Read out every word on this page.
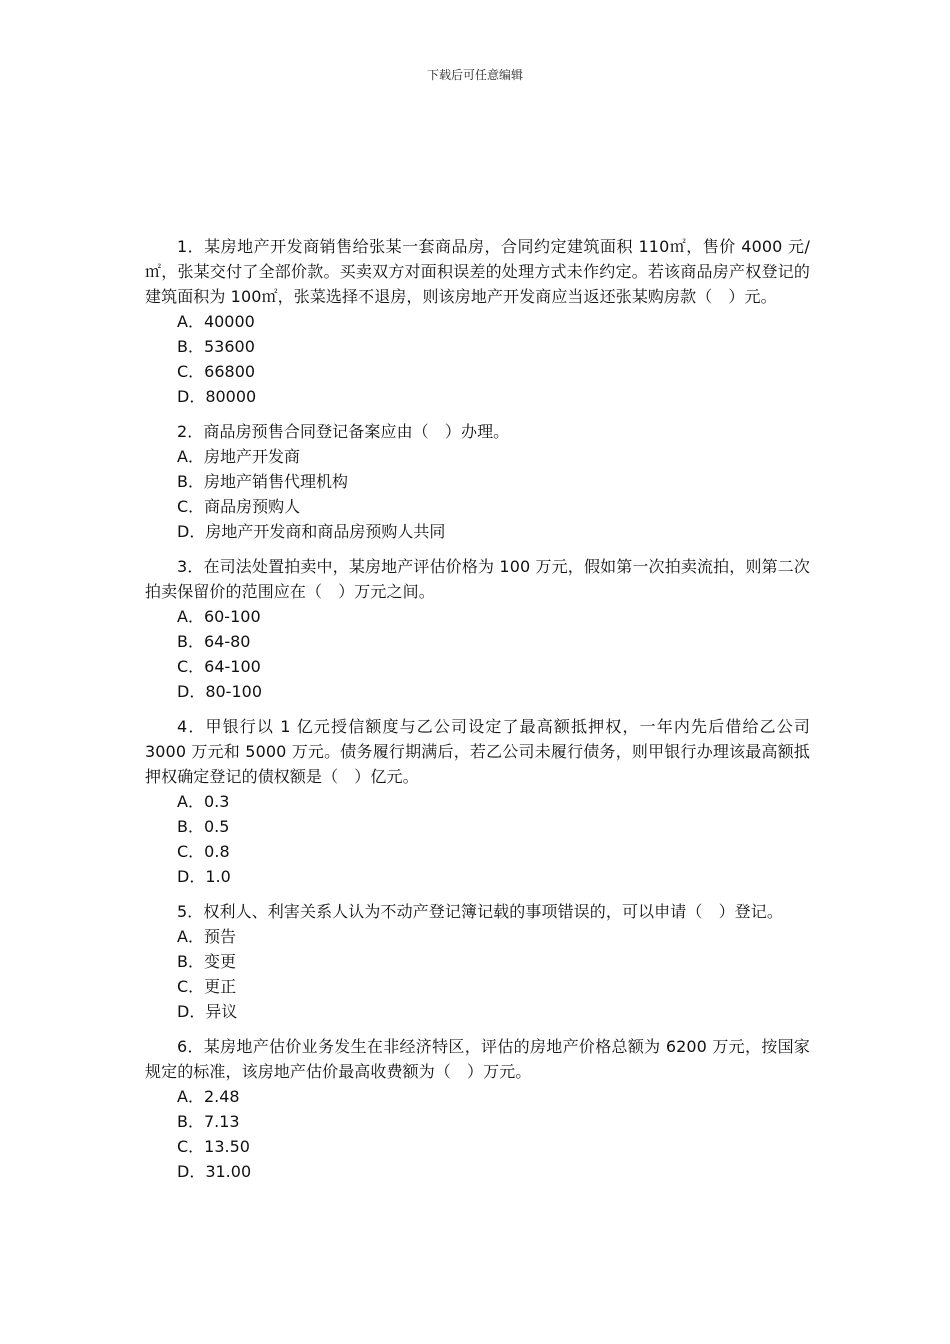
下载后可任意编辑

1．某房地产开发商销售给张某一套商品房，合同约定建筑面积 110㎡，售价 4000 元/㎡，张某交付了全部价款。买卖双方对面积误差的处理方式未作约定。若该商品房产权登记的建筑面积为 100㎡，张菜选择不退房，则该房地产开发商应当返还张某购房款（　）元。

A．40000
B．53600
C．66800
D．80000

2．商品房预售合同登记备案应由（　）办理。

A．房地产开发商
B．房地产销售代理机构
C．商品房预购人
D．房地产开发商和商品房预购人共同

3．在司法处置拍卖中，某房地产评估价格为 100 万元，假如第一次拍卖流拍，则第二次拍卖保留价的范围应在（　）万元之间。

A．60-100
B．64-80
C．64-100
D．80-100

4．甲银行以 1 亿元授信额度与乙公司设定了最高额抵押权，一年内先后借给乙公司 3000 万元和 5000 万元。债务履行期满后，若乙公司未履行债务，则甲银行办理该最高额抵押权确定登记的债权额是（　）亿元。

A．0.3
B．0.5
C．0.8
D．1.0

5．权利人、利害关系人认为不动产登记簿记载的事项错误的，可以申请（　）登记。

A．预告
B．变更
C．更正
D．异议

6．某房地产估价业务发生在非经济特区，评估的房地产价格总额为 6200 万元，按国家规定的标准，该房地产估价最高收费额为（　）万元。

A．2.48
B．7.13
C．13.50
D．31.00
